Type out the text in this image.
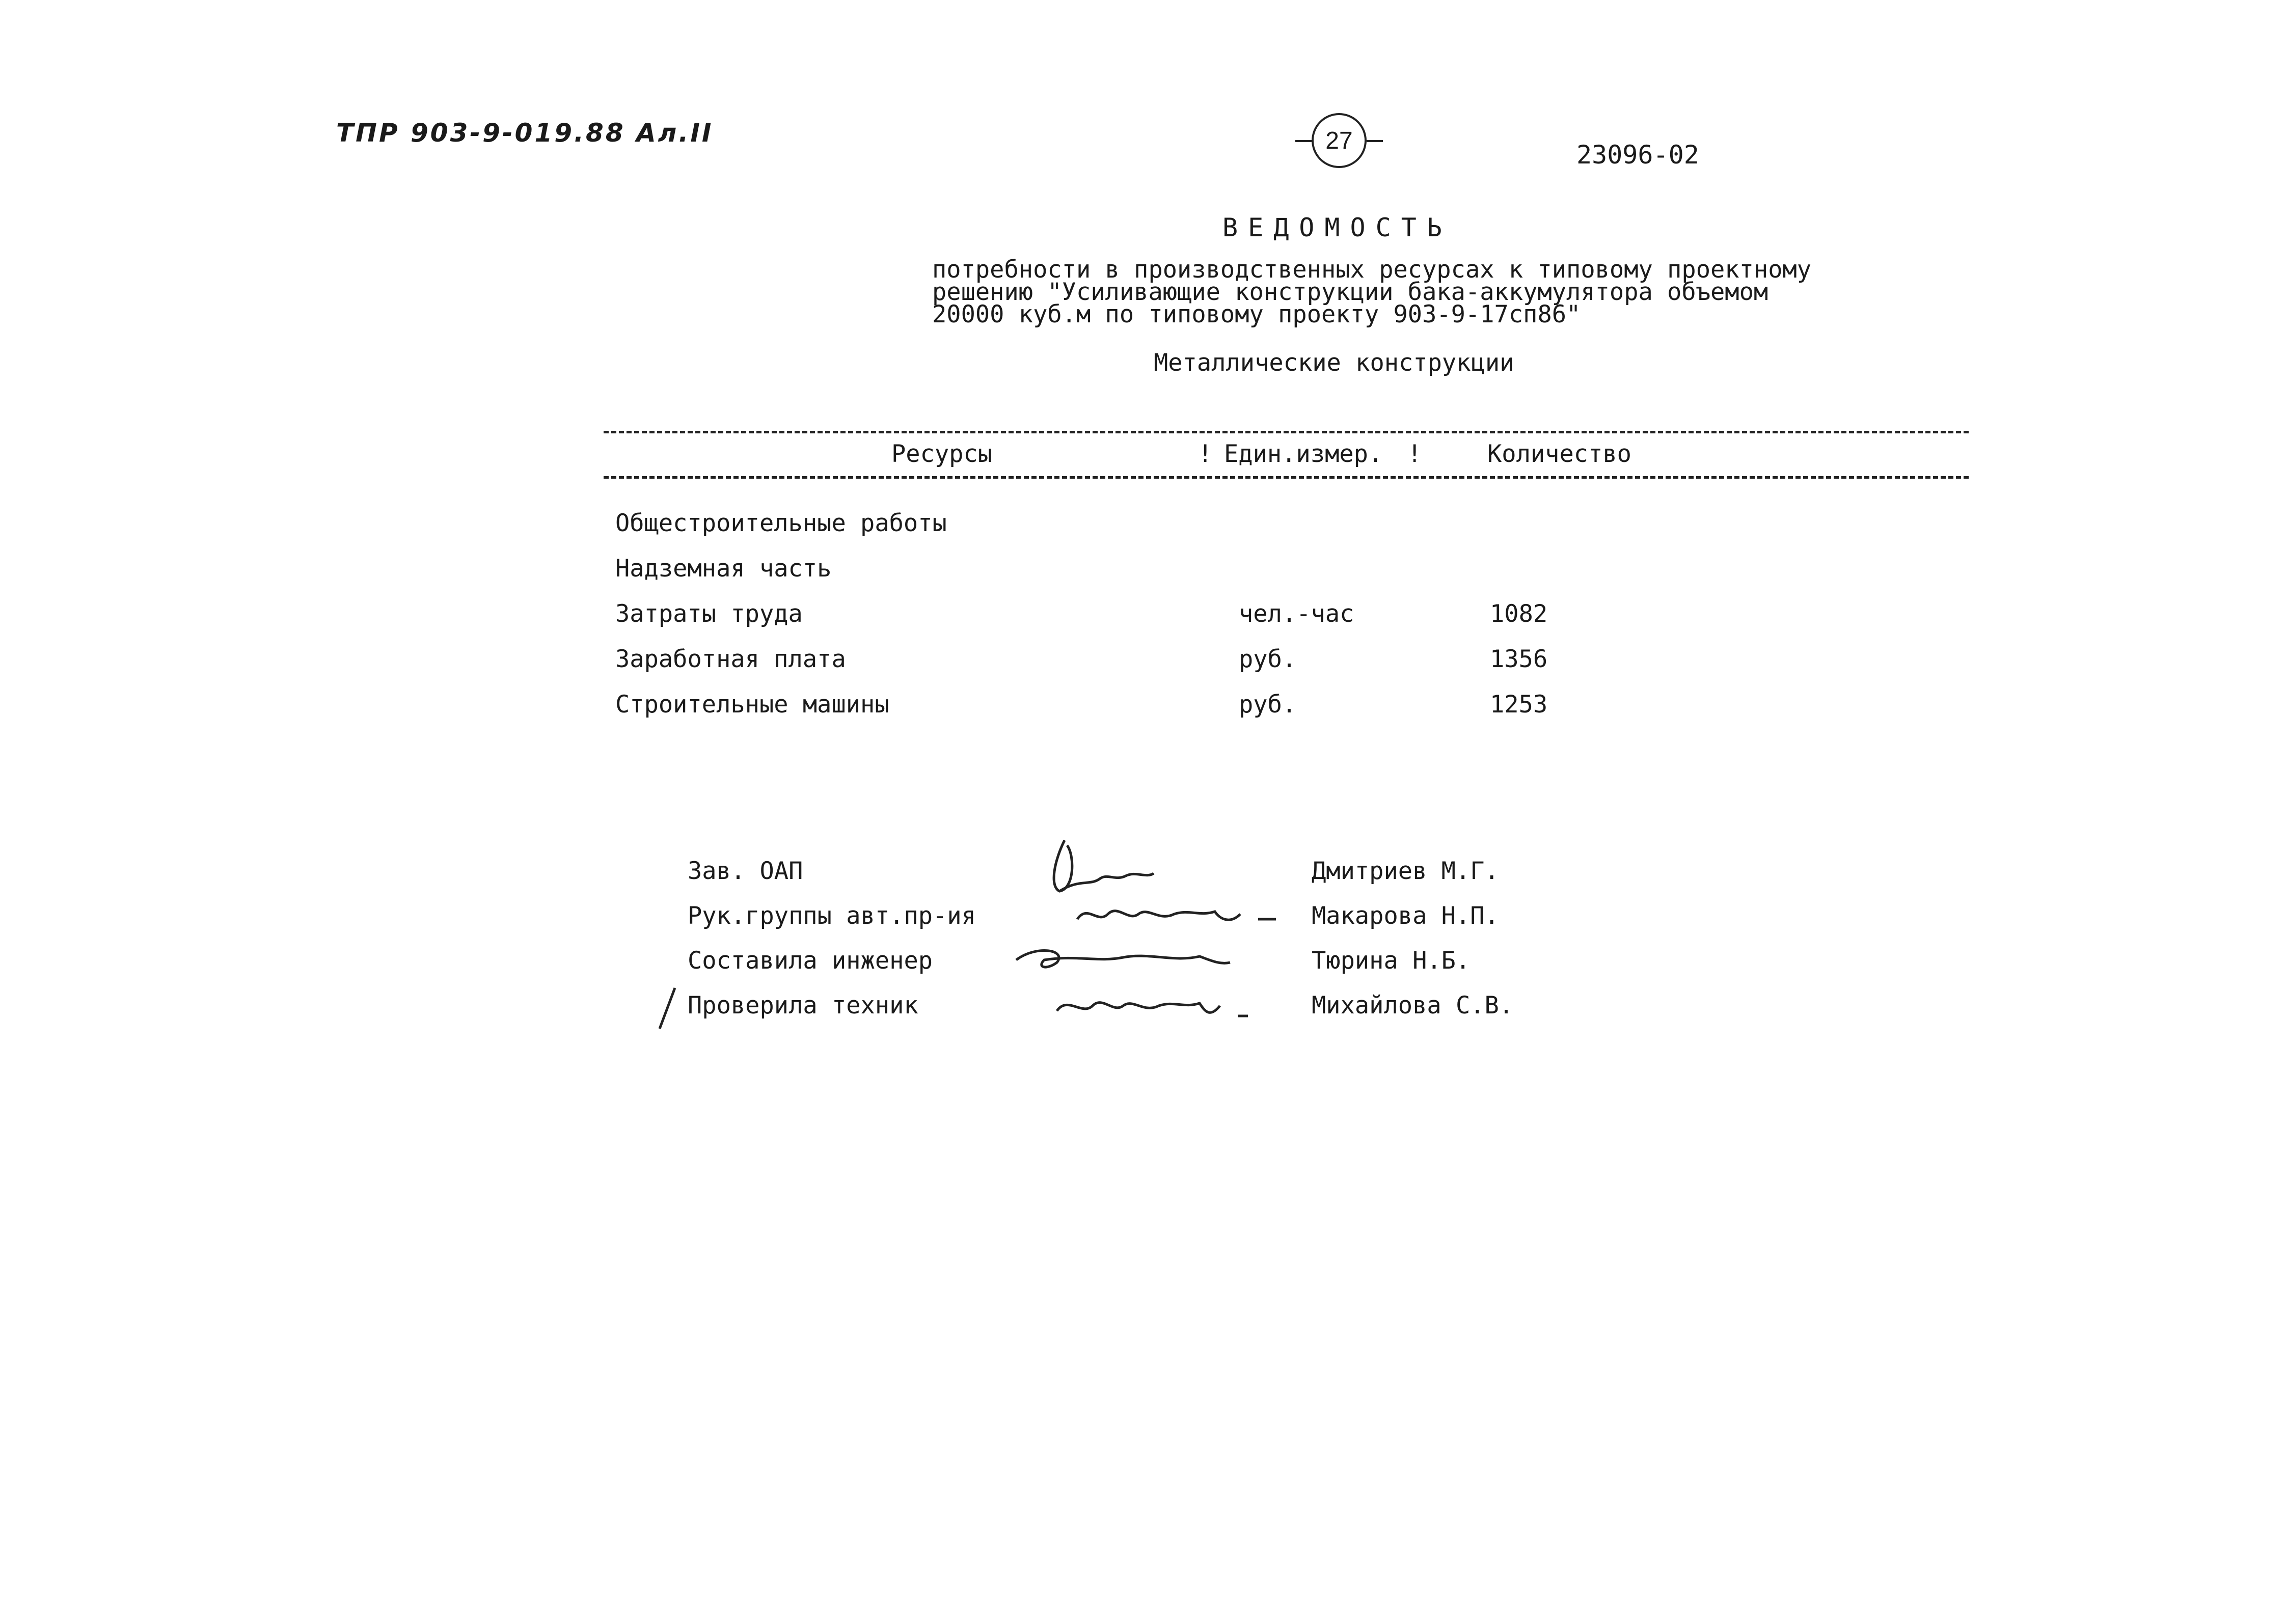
ТПР 903-9-019.88 Ал.II	27	23096-02
ВЕДОМОСТЬ
потребности в производственных ресурсах к типовому проектному
решению "Усиливающие конструкции бака-аккумулятора объемом
20000 куб.м по типовому проекту 903-9-17сп86"
Металлические конструкции
Ресурсы	! Един.измер. !	Количество
Общестроительные работы
Надземная часть
Затраты труда	чел.-час	1082
Заработная плата	руб.	1356
Строительные машины	руб.	1253
Зав. ОАП	Дмитриев М.Г.
Рук.группы авт.пр-ия	Макарова Н.П.
Составила инженер	Тюрина Н.Б.
Проверила техник	Михайлова С.В.
